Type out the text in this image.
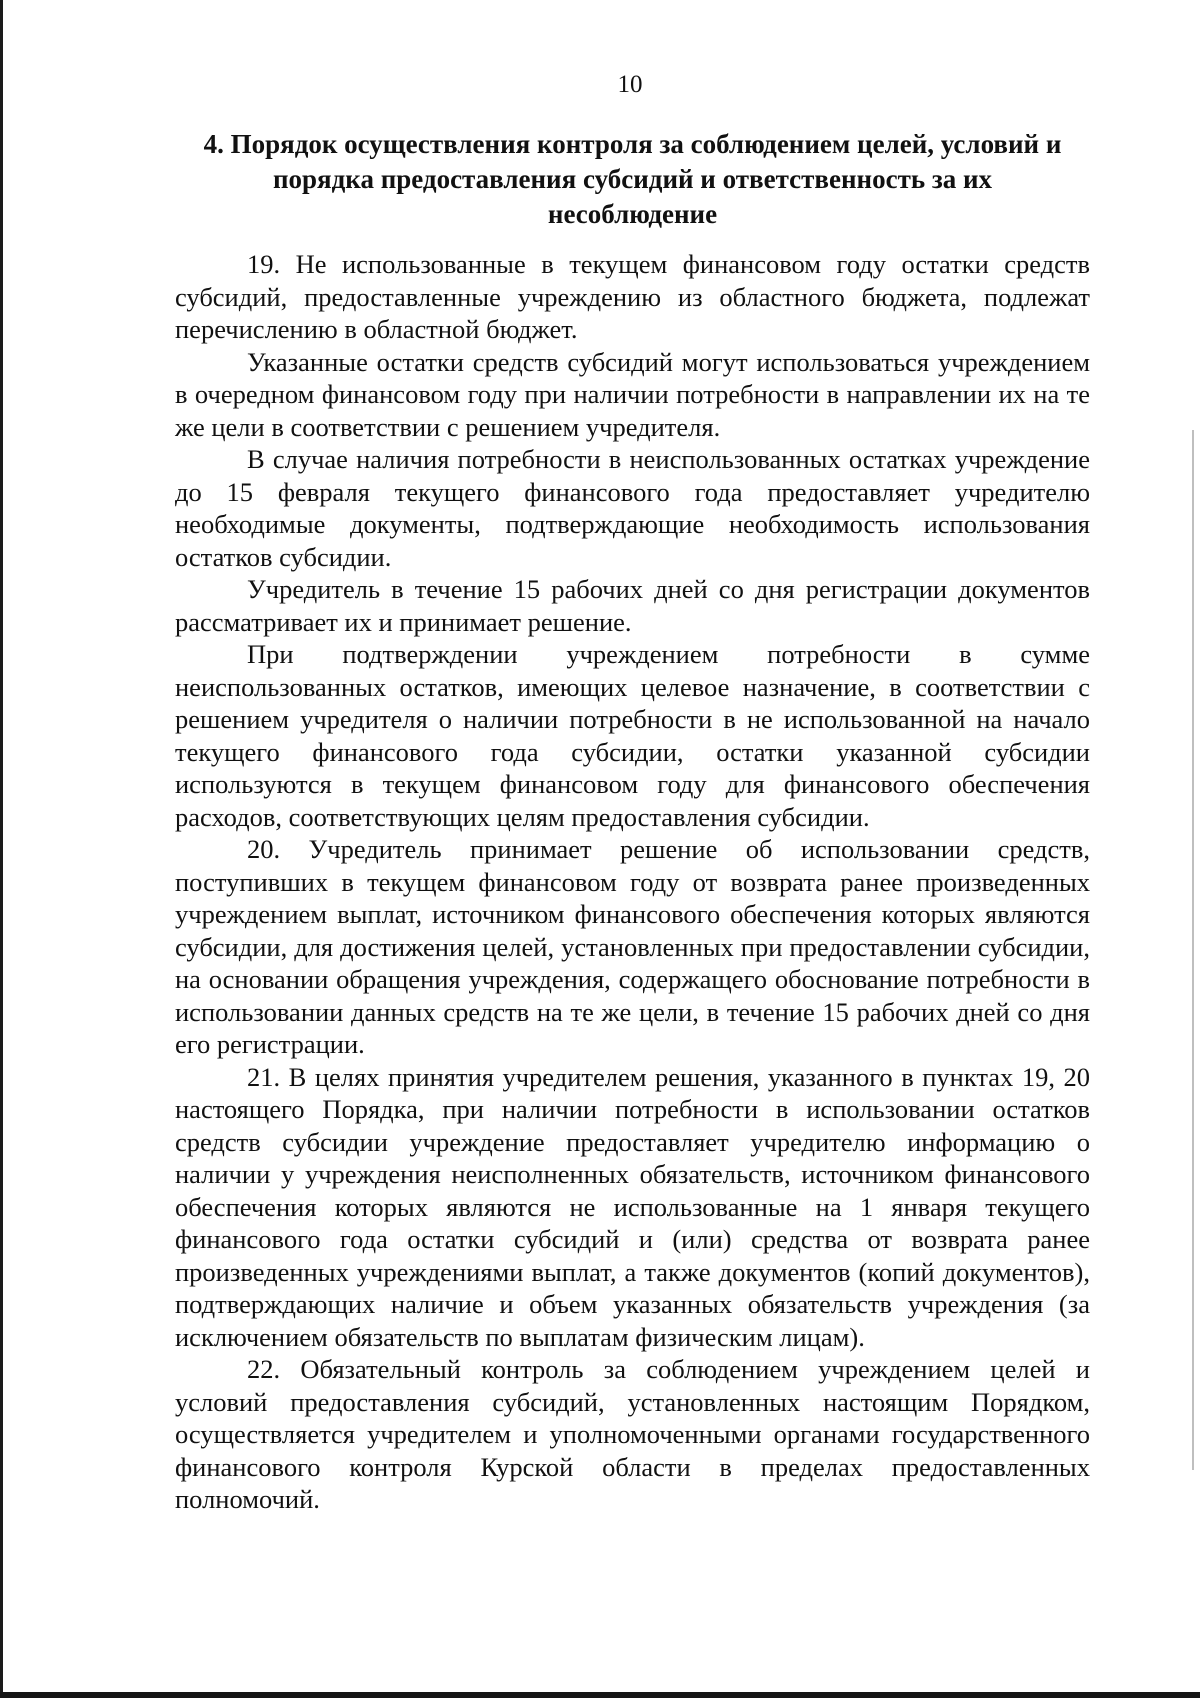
10
4. Порядок осуществления контроля за соблюдением целей, условий и
порядка предоставления субсидий и ответственность за их
несоблюдение

19. Не использованные в текущем финансовом году остатки средств субсидий, предоставленные учреждению из областного бюджета, подлежат перечислению в областной бюджет.

Указанные остатки средств субсидий могут использоваться учреждением в очередном финансовом году при наличии потребности в направлении их на те же цели в соответствии с решением учредителя.

В случае наличия потребности в неиспользованных остатках учреждение до 15 февраля текущего финансового года предоставляет учредителю необходимые документы, подтверждающие необходимость использования остатков субсидии.

Учредитель в течение 15 рабочих дней со дня регистрации документов рассматривает их и принимает решение.

При подтверждении учреждением потребности в сумме неиспользованных остатков, имеющих целевое назначение, в соответствии с решением учредителя о наличии потребности в не использованной на начало текущего финансового года субсидии, остатки указанной субсидии используются в текущем финансовом году для финансового обеспечения расходов, соответствующих целям предоставления субсидии.

20. Учредитель принимает решение об использовании средств, поступивших в текущем финансовом году от возврата ранее произведенных учреждением выплат, источником финансового обеспечения которых являются субсидии, для достижения целей, установленных при предоставлении субсидии, на основании обращения учреждения, содержащего обоснование потребности в использовании данных средств на те же цели, в течение 15 рабочих дней со дня его регистрации.

21. В целях принятия учредителем решения, указанного в пунктах 19, 20 настоящего Порядка, при наличии потребности в использовании остатков средств субсидии учреждение предоставляет учредителю информацию о наличии у учреждения неисполненных обязательств, источником финансового обеспечения которых являются не использованные на 1 января текущего финансового года остатки субсидий и (или) средства от возврата ранее произведенных учреждениями выплат, а также документов (копий документов), подтверждающих наличие и объем указанных обязательств учреждения (за исключением обязательств по выплатам физическим лицам).

22. Обязательный контроль за соблюдением учреждением целей и условий предоставления субсидий, установленных настоящим Порядком, осуществляется учредителем и уполномоченными органами государственного финансового контроля Курской области в пределах предоставленных полномочий.
